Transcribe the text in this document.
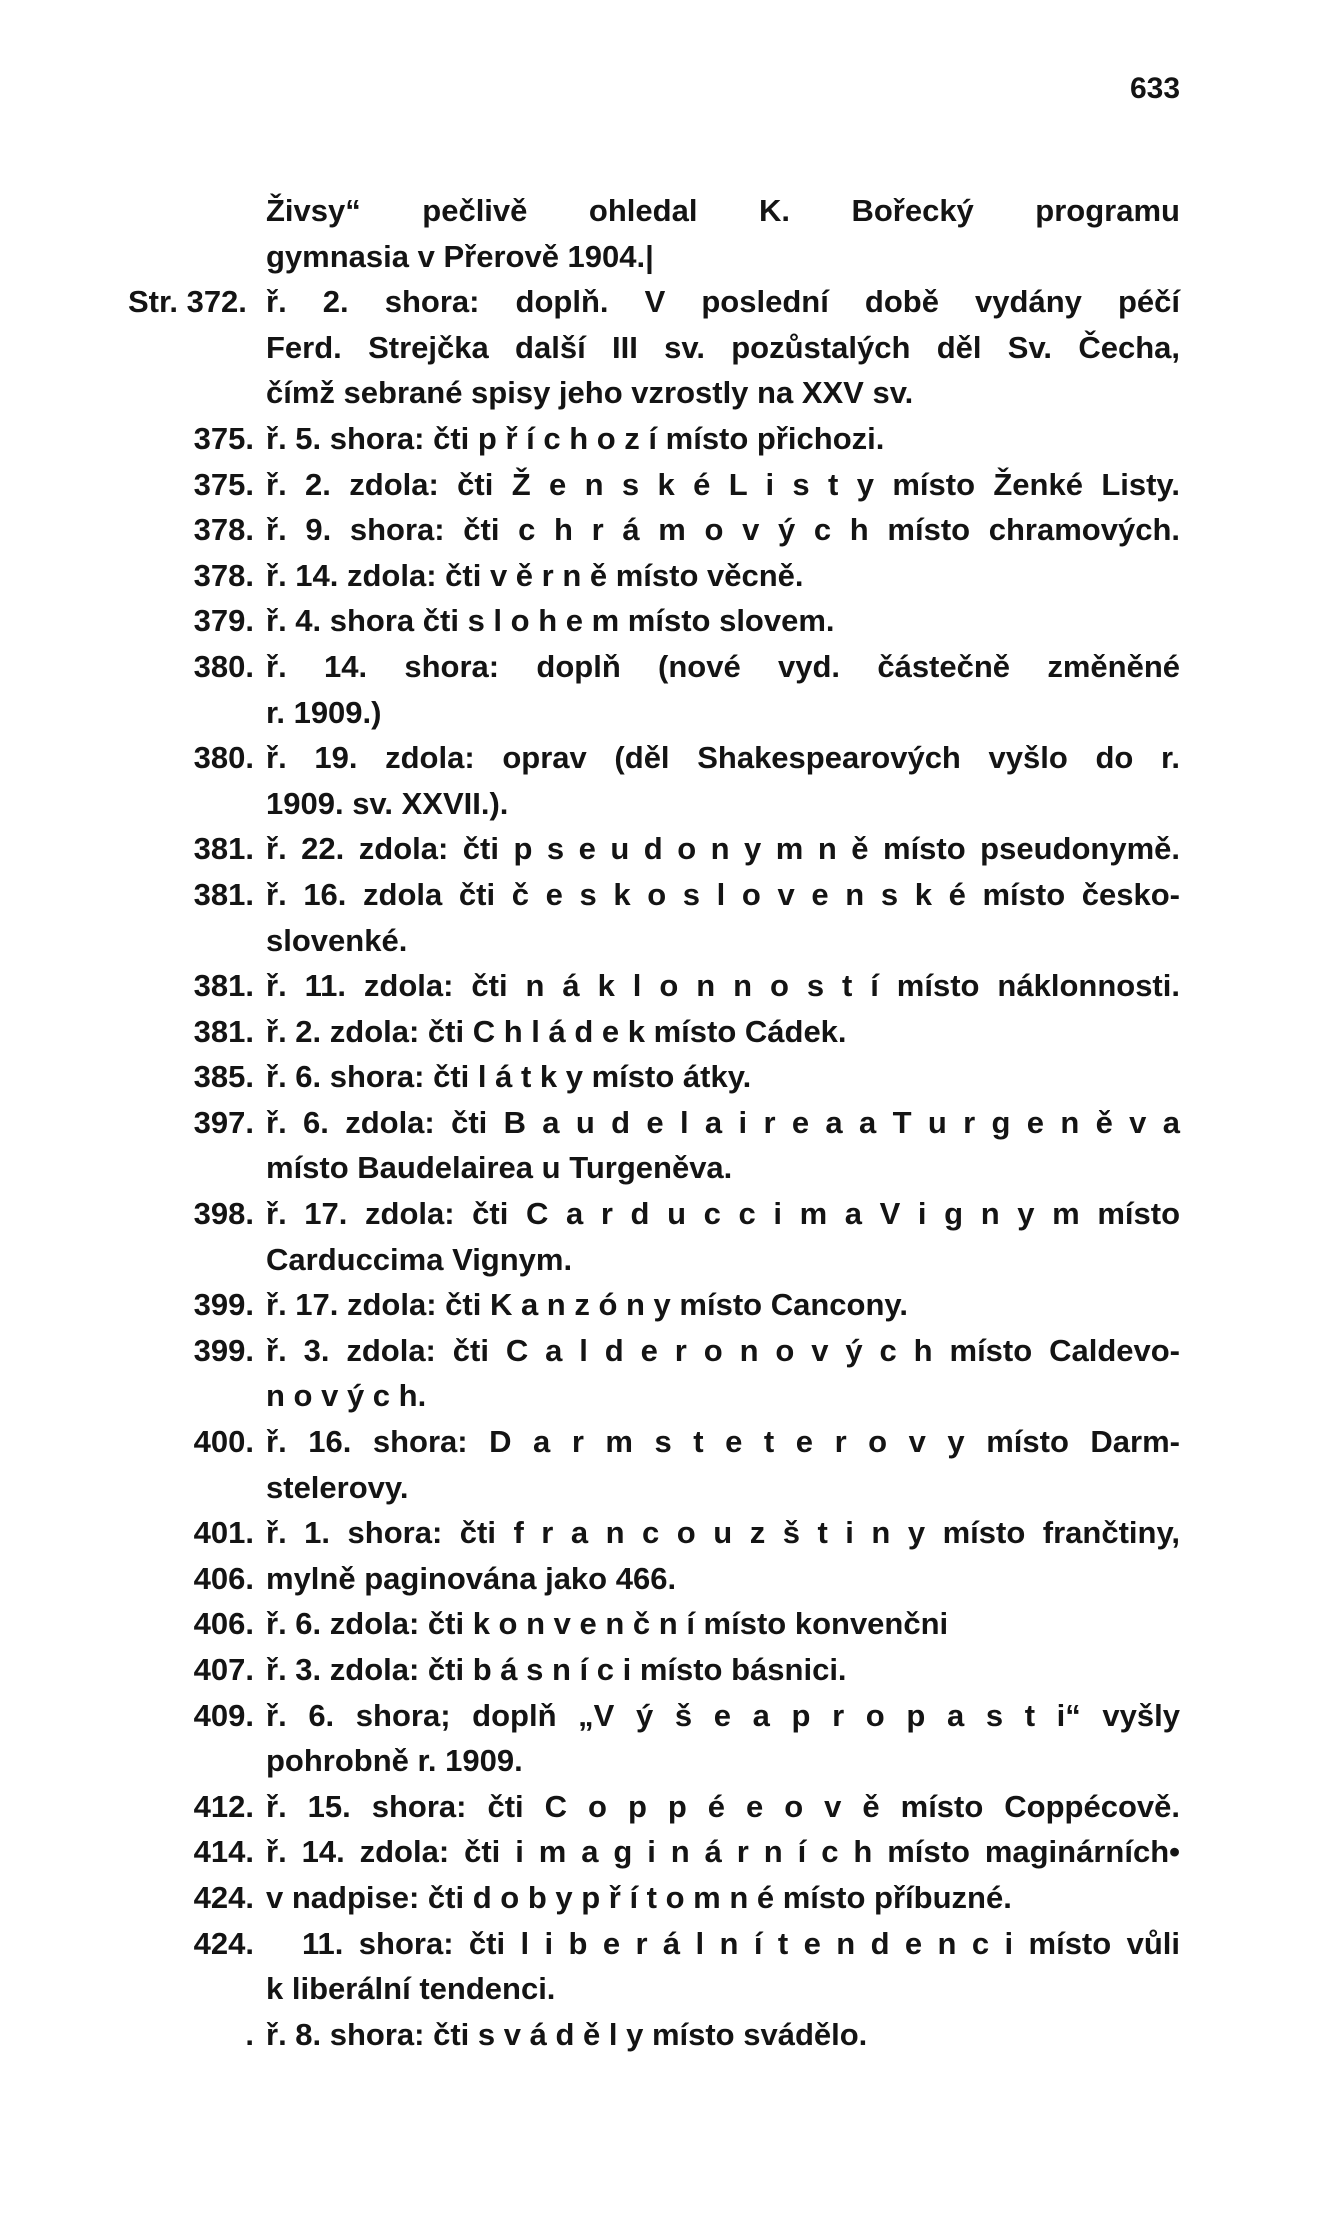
633
Živsy“ pečlivě ohledal K. Bořecký programu
gymnasia v Přerově 1904.|
Str. 372. ř. 2. shora: doplň. V poslední době vydány péčí
Ferd. Strejčka další III sv. pozůstalých děl Sv. Čecha,
čímž sebrané spisy jeho vzrostly na XXV sv.
375. ř. 5. shora: čti p ř í c h o z í místo přichozi.
375. ř. 2. zdola: čti Ž e n s k é L i s t y místo Ženké Listy.
378. ř. 9. shora: čti c h r á m o v ý c h místo chramových.
378. ř. 14. zdola: čti v ě r n ě místo věcně.
379. ř. 4. shora čti s l o h e m místo slovem.
380. ř. 14. shora: doplň (nové vyd. částečně změněné
r. 1909.)
380. ř. 19. zdola: oprav (děl Shakespearových vyšlo do r.
1909. sv. XXVII.).
381. ř. 22. zdola: čti p s e u d o n y m n ě místo pseudonymě.
381. ř. 16. zdola čti č e s k o s l o v e n s k é místo česko-
slovenké.
381. ř. 11. zdola: čti n á k l o n n o s t í místo náklonnosti.
381. ř. 2. zdola: čti C h l á d e k místo Cádek.
385. ř. 6. shora: čti l á t k y místo átky.
397. ř. 6. zdola: čti B a u d e l a i r e a a T u r g e n ě v a
místo Baudelairea u Turgeněva.
398. ř. 17. zdola: čti C a r d u c c i m a V i g n y m místo
Carduccima Vignym.
399. ř. 17. zdola: čti K a n z ó n y místo Cancony.
399. ř. 3. zdola: čti C a l d e r o n o v ý c h místo Caldevo-
n o v ý c h.
400. ř. 16. shora: D a r m s t e t e r o v y místo Darm-
stelerovy.
401. ř. 1. shora: čti f r a n c o u z š t i n y místo frančtiny,
406. mylně paginována jako 466.
406. ř. 6. zdola: čti k o n v e n č n í místo konvenčni
407. ř. 3. zdola: čti b á s n í c i místo básnici.
409. ř. 6. shora; doplň „V ý š e a p r o p a s t i“ vyšly
pohrobně r. 1909.
412. ř. 15. shora: čti C o p p é e o v ě místo Coppécově.
414. ř. 14. zdola: čti i m a g i n á r n í c h místo maginárních•
424. v nadpise: čti d o b y p ř í t o m n é místo příbuzné.
424. 11. shora: čti l i b e r á l n í t e n d e n c i místo vůli
k liberální tendenci.
. ř. 8. shora: čti s v á d ě l y místo svádělo.
